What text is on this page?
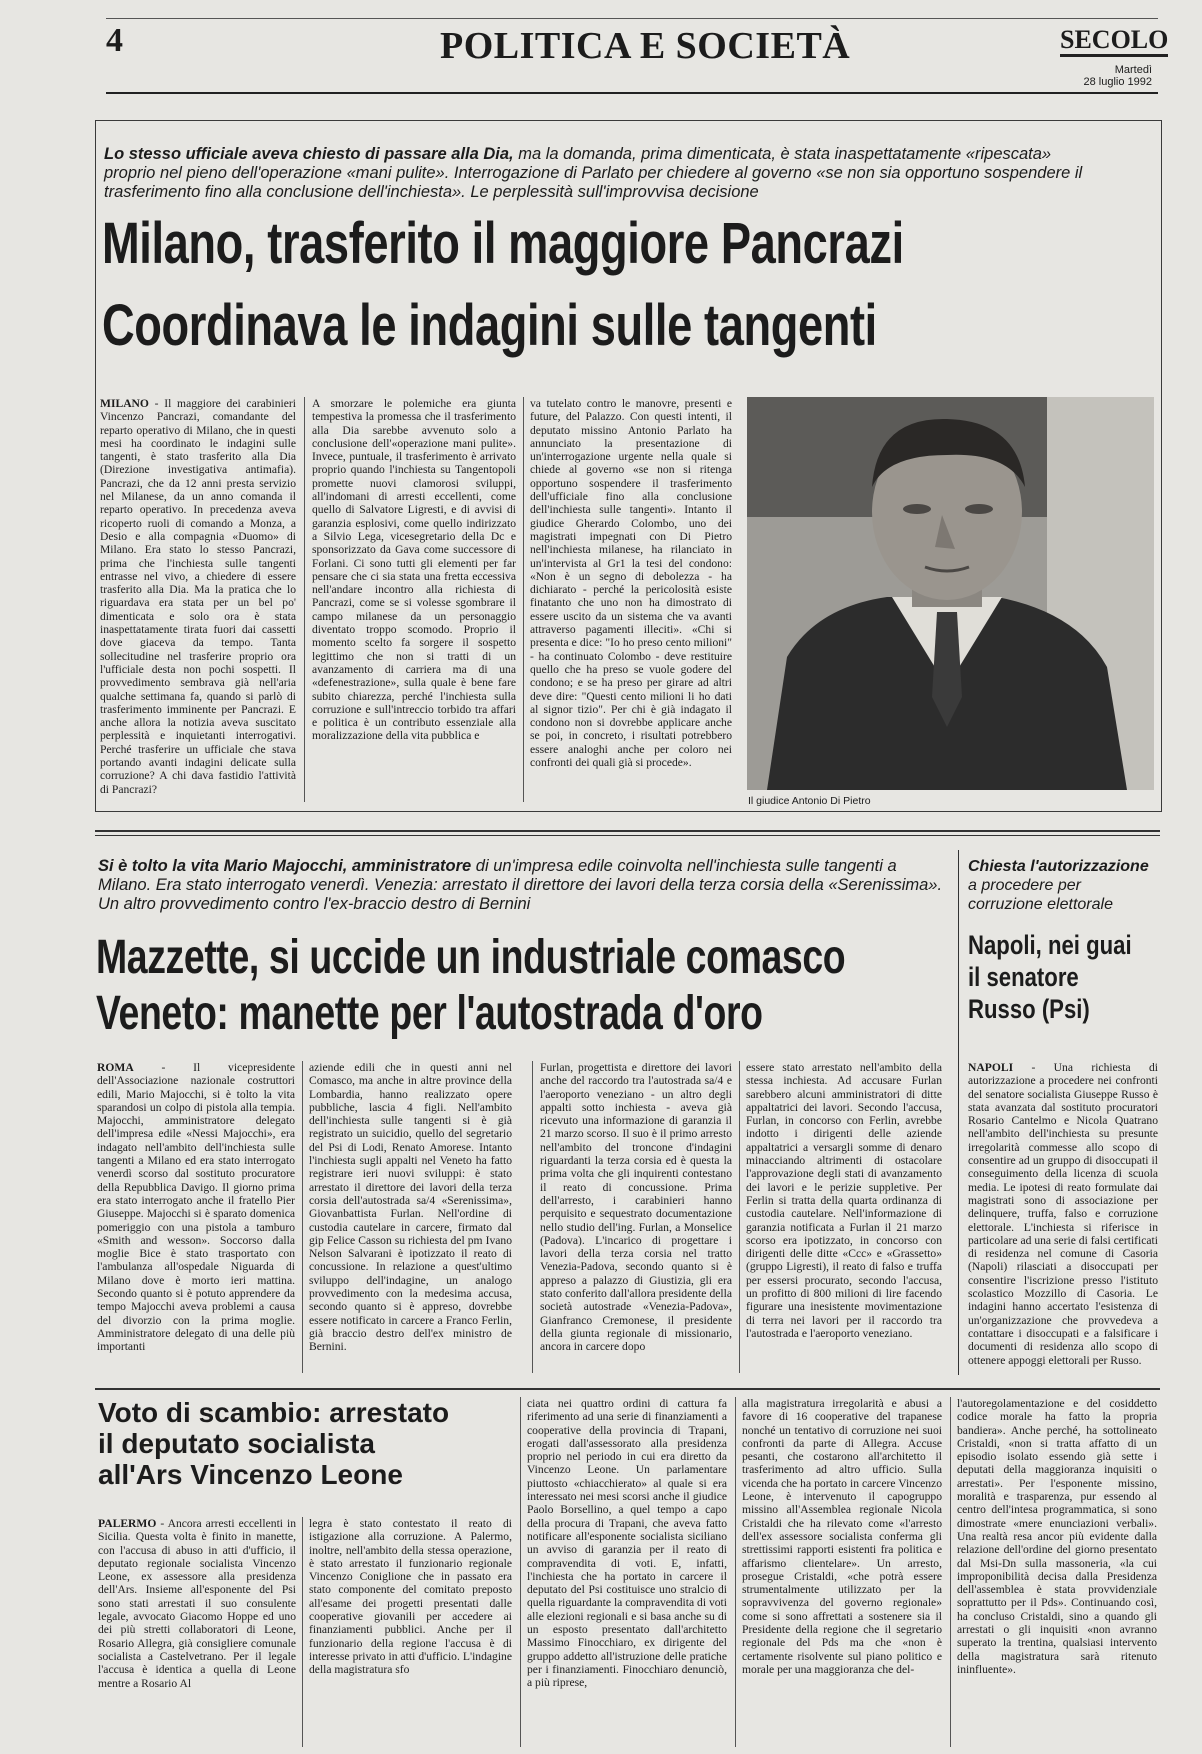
4	POLITICA E SOCIETÀ	SECOLO
Martedì
28 luglio 1992
Lo stesso ufficiale aveva chiesto di passare alla Dia, ma la domanda, prima dimenticata, è stata inaspettatamente «ripescata» proprio nel pieno dell'operazione «mani pulite». Interrogazione di Parlato per chiedere al governo «se non sia opportuno sospendere il trasferimento fino alla conclusione dell'inchiesta». Le perplessità sull'improvvisa decisione
Milano, trasferito il maggiore Pancrazi
Coordinava le indagini sulle tangenti
MILANO - Il maggiore dei carabinieri Vincenzo Pancrazi, comandante del reparto operativo di Milano, che in questi mesi ha coordinato le indagini sulle tangenti, è stato trasferito alla Dia (Direzione investigativa antimafia). Pancrazi, che da 12 anni presta servizio nel Milanese, da un anno comanda il reparto operativo. In precedenza aveva ricoperto ruoli di comando a Monza, a Desio e alla compagnia «Duomo» di Milano. Era stato lo stesso Pancrazi, prima che l'inchiesta sulle tangenti entrasse nel vivo, a chiedere di essere trasferito alla Dia. Ma la pratica che lo riguardava era stata per un bel po' dimenticata e solo ora è stata inaspettatamente tirata fuori dai cassetti dove giaceva da tempo. Tanta sollecitudine nel trasferire proprio ora l'ufficiale desta non pochi sospetti. Il provvedimento sembrava già nell'aria qualche settimana fa, quando si parlò di trasferimento imminente per Pancrazi. E anche allora la notizia aveva suscitato perplessità e inquietanti interrogativi. Perché trasferire un ufficiale che stava portando avanti indagini delicate sulla corruzione? A chi dava fastidio l'attività di Pancrazi?
A smorzare le polemiche era giunta tempestiva la promessa che il trasferimento alla Dia sarebbe avvenuto solo a conclusione dell'«operazione mani pulite». Invece, puntuale, il trasferimento è arrivato proprio quando l'inchiesta su Tangentopoli promette nuovi clamorosi sviluppi, all'indomani di arresti eccellenti, come quello di Salvatore Ligresti, e di avvisi di garanzia esplosivi, come quello indirizzato a Silvio Lega, vicesegretario della Dc e sponsorizzato da Gava come successore di Forlani. Ci sono tutti gli elementi per far pensare che ci sia stata una fretta eccessiva nell'andare incontro alla richiesta di Pancrazi, come se si volesse sgombrare il campo milanese da un personaggio diventato troppo scomodo. Proprio il momento scelto fa sorgere il sospetto legittimo che non si tratti di un avanzamento di carriera ma di una «defenestrazione», sulla quale è bene fare subito chiarezza, perché l'inchiesta sulla corruzione e sull'intreccio torbido tra affari e politica è un contributo essenziale alla moralizzazione della vita pubblica e
va tutelato contro le manovre, presenti e future, del Palazzo. Con questi intenti, il deputato missino Antonio Parlato ha annunciato la presentazione di un'interrogazione urgente nella quale si chiede al governo «se non si ritenga opportuno sospendere il trasferimento dell'ufficiale fino alla conclusione dell'inchiesta sulle tangenti». Intanto il giudice Gherardo Colombo, uno dei magistrati impegnati con Di Pietro nell'inchiesta milanese, ha rilanciato in un'intervista al Gr1 la tesi del condono: «Non è un segno di debolezza - ha dichiarato - perché la pericolosità esiste finatanto che uno non ha dimostrato di essere uscito da un sistema che va avanti attraverso pagamenti illeciti». «Chi si presenta e dice: "Io ho preso cento milioni" - ha continuato Colombo - deve restituire quello che ha preso se vuole godere del condono; e se ha preso per girare ad altri deve dire: "Questi cento milioni li ho dati al signor tizio". Per chi è già indagato il condono non si dovrebbe applicare anche se poi, in concreto, i risultati potrebbero essere analoghi anche per coloro nei confronti dei quali già si procede».
Il giudice Antonio Di Pietro
Si è tolto la vita Mario Majocchi, amministratore di un'impresa edile coinvolta nell'inchiesta sulle tangenti a Milano. Era stato interrogato venerdì. Venezia: arrestato il direttore dei lavori della terza corsia della «Serenissima». Un altro provvedimento contro l'ex-braccio destro di Bernini
Mazzette, si uccide un industriale comasco
Veneto: manette per l'autostrada d'oro
ROMA - Il vicepresidente dell'Associazione nazionale costruttori edili, Mario Majocchi, si è tolto la vita sparandosi un colpo di pistola alla tempia. Majocchi, amministratore delegato dell'impresa edile «Nessi Majocchi», era indagato nell'ambito dell'inchiesta sulle tangenti a Milano ed era stato interrogato venerdì scorso dal sostituto procuratore della Repubblica Davigo. Il giorno prima era stato interrogato anche il fratello Pier Giuseppe. Majocchi si è sparato domenica pomeriggio con una pistola a tamburo «Smith and wesson». Soccorso dalla moglie Bice è stato trasportato con l'ambulanza all'ospedale Niguarda di Milano dove è morto ieri mattina. Secondo quanto si è potuto apprendere da tempo Majocchi aveva problemi a causa del divorzio con la prima moglie. Amministratore delegato di una delle più importanti
aziende edili che in questi anni nel Comasco, ma anche in altre province della Lombardia, hanno realizzato opere pubbliche, lascia 4 figli. Nell'ambito dell'inchiesta sulle tangenti si è già registrato un suicidio, quello del segretario del Psi di Lodi, Renato Amorese. Intanto l'inchiesta sugli appalti nel Veneto ha fatto registrare ieri nuovi sviluppi: è stato arrestato il direttore dei lavori della terza corsia dell'autostrada sa/4 «Serenissima», Giovanbattista Furlan. Nell'ordine di custodia cautelare in carcere, firmato dal gip Felice Casson su richiesta del pm Ivano Nelson Salvarani è ipotizzato il reato di concussione. In relazione a quest'ultimo sviluppo dell'indagine, un analogo provvedimento con la medesima accusa, secondo quanto si è appreso, dovrebbe essere notificato in carcere a Franco Ferlin, già braccio destro dell'ex ministro de Bernini.
Furlan, progettista e direttore dei lavori anche del raccordo tra l'autostrada sa/4 e l'aeroporto veneziano - un altro degli appalti sotto inchiesta - aveva già ricevuto una informazione di garanzia il 21 marzo scorso. Il suo è il primo arresto nell'ambito del troncone d'indagini riguardanti la terza corsia ed è questa la prima volta che gli inquirenti contestano il reato di concussione. Prima dell'arresto, i carabinieri hanno perquisito e sequestrato documentazione nello studio dell'ing. Furlan, a Monselice (Padova). L'incarico di progettare i lavori della terza corsia nel tratto Venezia-Padova, secondo quanto si è appreso a palazzo di Giustizia, gli era stato conferito dall'allora presidente della società autostrade «Venezia-Padova», Gianfranco Cremonese, il presidente della giunta regionale di missionario, ancora in carcere dopo
essere stato arrestato nell'ambito della stessa inchiesta. Ad accusare Furlan sarebbero alcuni amministratori di ditte appaltatrici dei lavori. Secondo l'accusa, Furlan, in concorso con Ferlin, avrebbe indotto i dirigenti delle aziende appaltatrici a versargli somme di denaro minacciando altrimenti di ostacolare l'approvazione degli stati di avanzamento dei lavori e le perizie suppletive. Per Ferlin si tratta della quarta ordinanza di custodia cautelare. Nell'informazione di garanzia notificata a Furlan il 21 marzo scorso era ipotizzato, in concorso con dirigenti delle ditte «Ccc» e «Grassetto» (gruppo Ligresti), il reato di falso e truffa per essersi procurato, secondo l'accusa, un profitto di 800 milioni di lire facendo figurare una inesistente movimentazione di terra nei lavori per il raccordo tra l'autostrada e l'aeroporto veneziano.
Chiesta l'autorizzazione
a procedere per corruzione elettorale
Napoli, nei guai
il senatore
Russo (Psi)
NAPOLI - Una richiesta di autorizzazione a procedere nei confronti del senatore socialista Giuseppe Russo è stata avanzata dal sostituto procuratori Rosario Cantelmo e Nicola Quatrano nell'ambito dell'inchiesta su presunte irregolarità commesse allo scopo di consentire ad un gruppo di disoccupati il conseguimento della licenza di scuola media. Le ipotesi di reato formulate dai magistrati sono di associazione per delinquere, truffa, falso e corruzione elettorale. L'inchiesta si riferisce in particolare ad una serie di falsi certificati di residenza nel comune di Casoria (Napoli) rilasciati a disoccupati per consentire l'iscrizione presso l'istituto scolastico Mozzillo di Casoria. Le indagini hanno accertato l'esistenza di un'organizzazione che provvedeva a contattare i disoccupati e a falsificare i documenti di residenza allo scopo di ottenere appoggi elettorali per Russo.
Voto di scambio: arrestato
il deputato socialista
all'Ars Vincenzo Leone
PALERMO - Ancora arresti eccellenti in Sicilia. Questa volta è finito in manette, con l'accusa di abuso in atti d'ufficio, il deputato regionale socialista Vincenzo Leone, ex assessore alla presidenza dell'Ars. Insieme all'esponente del Psi sono stati arrestati il suo consulente legale, avvocato Giacomo Hoppe ed uno dei più stretti collaboratori di Leone, Rosario Allegra, già consigliere comunale socialista a Castelvetrano. Per il legale l'accusa è identica a quella di Leone mentre a Rosario Al
legra è stato contestato il reato di istigazione alla corruzione. A Palermo, inoltre, nell'ambito della stessa operazione, è stato arrestato il funzionario regionale Vincenzo Coniglione che in passato era stato componente del comitato preposto all'esame dei progetti presentati dalle cooperative giovanili per accedere ai finanziamenti pubblici. Anche per il funzionario della regione l'accusa è di interesse privato in atti d'ufficio. L'indagine della magistratura sfo
ciata nei quattro ordini di cattura fa riferimento ad una serie di finanziamenti a cooperative della provincia di Trapani, erogati dall'assessorato alla presidenza proprio nel periodo in cui era diretto da Vincenzo Leone. Un parlamentare piuttosto «chiacchierato» al quale si era interessato nei mesi scorsi anche il giudice Paolo Borsellino, a quel tempo a capo della procura di Trapani, che aveva fatto notificare all'esponente socialista siciliano un avviso di garanzia per il reato di compravendita di voti. E, infatti, l'inchiesta che ha portato in carcere il deputato del Psi costituisce uno stralcio di quella riguardante la compravendita di voti alle elezioni regionali e si basa anche su di un esposto presentato dall'architetto Massimo Finocchiaro, ex dirigente del gruppo addetto all'istruzione delle pratiche per i finanziamenti. Finocchiaro denunciò, a più riprese,
alla magistratura irregolarità e abusi a favore di 16 cooperative del trapanese nonché un tentativo di corruzione nei suoi confronti da parte di Allegra. Accuse pesanti, che costarono all'architetto il trasferimento ad altro ufficio. Sulla vicenda che ha portato in carcere Vincenzo Leone, è intervenuto il capogruppo missino all'Assemblea regionale Nicola Cristaldi che ha rilevato come «l'arresto dell'ex assessore socialista conferma gli strettissimi rapporti esistenti fra politica e affarismo clientelare». Un arresto, prosegue Cristaldi, «che potrà essere strumentalmente utilizzato per la sopravvivenza del governo regionale» come si sono affrettati a sostenere sia il Presidente della regione che il segretario regionale del Pds ma che «non è certamente risolvente sul piano politico e morale per una maggioranza che del-
l'autoregolamentazione e del cosiddetto codice morale ha fatto la propria bandiera». Anche perché, ha sottolineato Cristaldi, «non si tratta affatto di un episodio isolato essendo già sette i deputati della maggioranza inquisiti o arrestati». Per l'esponente missino, moralità e trasparenza, pur essendo al centro dell'intesa programmatica, si sono dimostrate «mere enunciazioni verbali». Una realtà resa ancor più evidente dalla relazione dell'ordine del giorno presentato dal Msi-Dn sulla massoneria, «la cui improponibilità decisa dalla Presidenza dell'assemblea è stata provvidenziale soprattutto per il Pds». Continuando così, ha concluso Cristaldi, sino a quando gli arrestati o gli inquisiti «non avranno superato la trentina, qualsiasi intervento della magistratura sarà ritenuto ininfluente».
